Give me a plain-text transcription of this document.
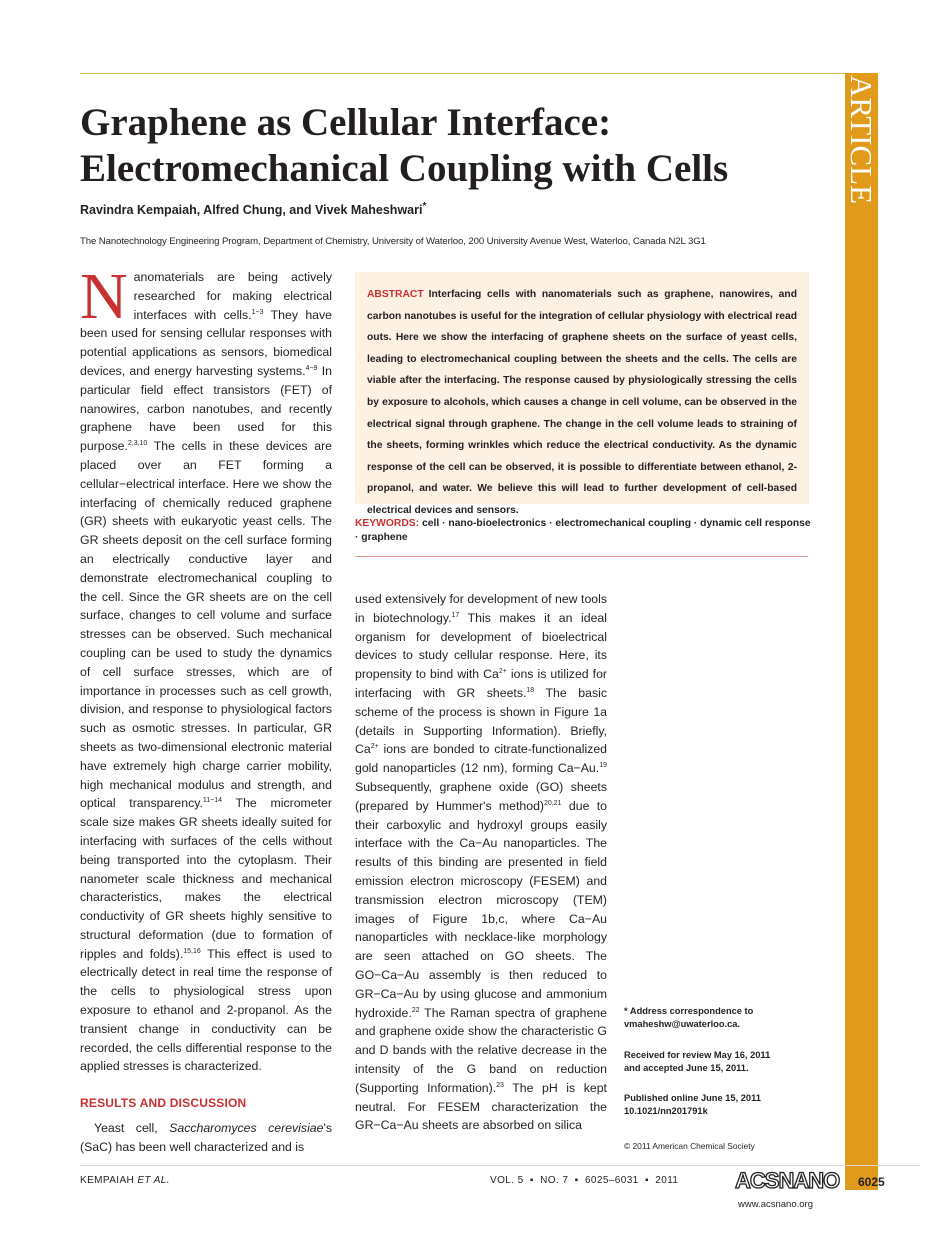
ARTICLE
Graphene as Cellular Interface:
Electromechanical Coupling with Cells
Ravindra Kempaiah, Alfred Chung, and Vivek Maheshwari*
The Nanotechnology Engineering Program, Department of Chemistry, University of Waterloo, 200 University Avenue West, Waterloo, Canada N2L 3G1

Nanomaterials are being actively researched for making electrical interfaces with cells.$^{1-3}$ They have been used for sensing cellular responses with potential applications as sensors, biomedical devices, and energy harvesting systems.$^{4-9}$ In particular field effect transistors (FET) of nanowires, carbon nanotubes, and recently graphene have been used for this purpose.$^{2,3,10}$ The cells in these devices are placed over an FET forming a cellular−electrical interface. Here we show the interfacing of chemically reduced graphene (GR) sheets with eukaryotic yeast cells. The GR sheets deposit on the cell surface forming an electrically conductive layer and demonstrate electromechanical coupling to the cell. Since the GR sheets are on the cell surface, changes to cell volume and surface stresses can be observed. Such mechanical coupling can be used to study the dynamics of cell surface stresses, which are of importance in processes such as cell growth, division, and response to physiological factors such as osmotic stresses. In particular, GR sheets as two-dimensional electronic material have extremely high charge carrier mobility, high mechanical modulus and strength, and optical transparency.$^{11-14}$ The micrometer scale size makes GR sheets ideally suited for interfacing with surfaces of the cells without being transported into the cytoplasm. Their nanometer scale thickness and mechanical characteristics, makes the electrical conductivity of GR sheets highly sensitive to structural deformation (due to formation of ripples and folds).$^{15,16}$ This effect is used to electrically detect in real time the response of the cells to physiological stress upon exposure to ethanol and 2-propanol. As the transient change in conductivity can be recorded, the cells differential response to the applied stresses is characterized.

RESULTS AND DISCUSSION

Yeast cell, Saccharomyces cerevisiae's (SaC) has been well characterized and is

ABSTRACT Interfacing cells with nanomaterials such as graphene, nanowires, and carbon nanotubes is useful for the integration of cellular physiology with electrical read outs. Here we show the interfacing of graphene sheets on the surface of yeast cells, leading to electromechanical coupling between the sheets and the cells. The cells are viable after the interfacing. The response caused by physiologically stressing the cells by exposure to alcohols, which causes a change in cell volume, can be observed in the electrical signal through graphene. The change in the cell volume leads to straining of the sheets, forming wrinkles which reduce the electrical conductivity. As the dynamic response of the cell can be observed, it is possible to differentiate between ethanol, 2-propanol, and water. We believe this will lead to further development of cell-based electrical devices and sensors.
KEYWORDS: cell · nano-bioelectronics · electromechanical coupling · dynamic cell response · graphene

used extensively for development of new tools in biotechnology.$^{17}$ This makes it an ideal organism for development of bioelectrical devices to study cellular response. Here, its propensity to bind with $Ca^{2+}$ ions is utilized for interfacing with GR sheets.$^{18}$ The basic scheme of the process is shown in Figure 1a (details in Supporting Information). Briefly, $Ca^{2+}$ ions are bonded to citrate-functionalized gold nanoparticles (12 nm), forming Ca−Au.$^{19}$ Subsequently, graphene oxide (GO) sheets (prepared by Hummer's method)$^{20,21}$ due to their carboxylic and hydroxyl groups easily interface with the Ca−Au nanoparticles. The results of this binding are presented in field emission electron microscopy (FESEM) and transmission electron microscopy (TEM) images of Figure 1b,c, where Ca−Au nanoparticles with necklace-like morphology are seen attached on GO sheets. The GO−Ca−Au assembly is then reduced to GR−Ca−Au by using glucose and ammonium hydroxide.$^{22}$ The Raman spectra of graphene and graphene oxide show the characteristic G and D bands with the relative decrease in the intensity of the G band on reduction (Supporting Information).$^{23}$ The pH is kept neutral. For FESEM characterization the GR−Ca−Au sheets are absorbed on silica

* Address correspondence to
vmaheshw@uwaterloo.ca.
Received for review May 16, 2011
and accepted June 15, 2011.
Published online June 15, 2011
10.1021/nn201791k
© 2011 American Chemical Society
KEMPAIAH ET AL.	VOL. 5  ▪  NO. 7  ▪  6025–6031  ▪  2011	ACSNANO
www.acsnano.org
6025
